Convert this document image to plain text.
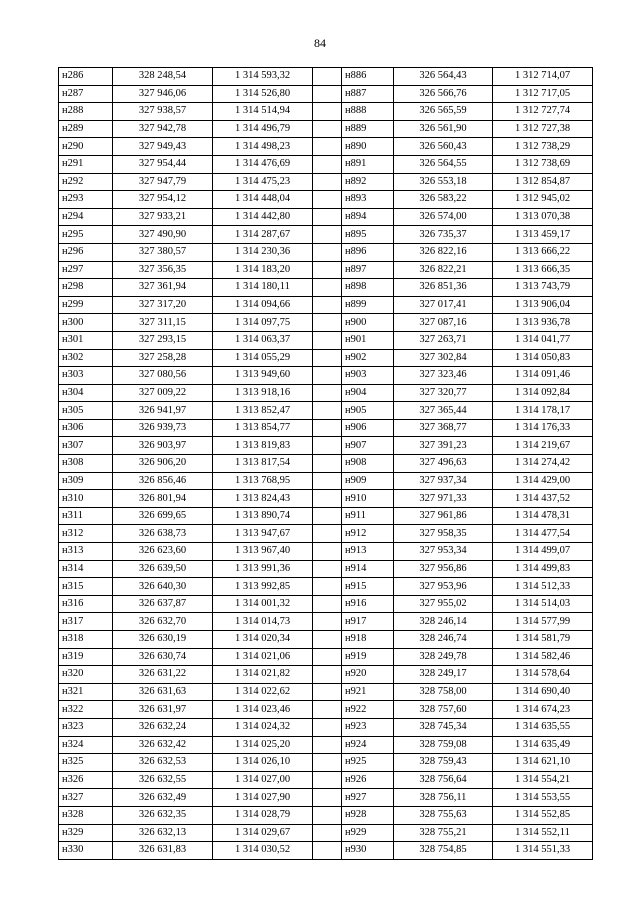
84
н286	328 248,54	1 314 593,32		н886	326 564,43	1 312 714,07
н287	327 946,06	1 314 526,80		н887	326 566,76	1 312 717,05
н288	327 938,57	1 314 514,94		н888	326 565,59	1 312 727,74
н289	327 942,78	1 314 496,79		н889	326 561,90	1 312 727,38
н290	327 949,43	1 314 498,23		н890	326 560,43	1 312 738,29
н291	327 954,44	1 314 476,69		н891	326 564,55	1 312 738,69
н292	327 947,79	1 314 475,23		н892	326 553,18	1 312 854,87
н293	327 954,12	1 314 448,04		н893	326 583,22	1 312 945,02
н294	327 933,21	1 314 442,80		н894	326 574,00	1 313 070,38
н295	327 490,90	1 314 287,67		н895	326 735,37	1 313 459,17
н296	327 380,57	1 314 230,36		н896	326 822,16	1 313 666,22
н297	327 356,35	1 314 183,20		н897	326 822,21	1 313 666,35
н298	327 361,94	1 314 180,11		н898	326 851,36	1 313 743,79
н299	327 317,20	1 314 094,66		н899	327 017,41	1 313 906,04
н300	327 311,15	1 314 097,75		н900	327 087,16	1 313 936,78
н301	327 293,15	1 314 063,37		н901	327 263,71	1 314 041,77
н302	327 258,28	1 314 055,29		н902	327 302,84	1 314 050,83
н303	327 080,56	1 313 949,60		н903	327 323,46	1 314 091,46
н304	327 009,22	1 313 918,16		н904	327 320,77	1 314 092,84
н305	326 941,97	1 313 852,47		н905	327 365,44	1 314 178,17
н306	326 939,73	1 313 854,77		н906	327 368,77	1 314 176,33
н307	326 903,97	1 313 819,83		н907	327 391,23	1 314 219,67
н308	326 906,20	1 313 817,54		н908	327 496,63	1 314 274,42
н309	326 856,46	1 313 768,95		н909	327 937,34	1 314 429,00
н310	326 801,94	1 313 824,43		н910	327 971,33	1 314 437,52
н311	326 699,65	1 313 890,74		н911	327 961,86	1 314 478,31
н312	326 638,73	1 313 947,67		н912	327 958,35	1 314 477,54
н313	326 623,60	1 313 967,40		н913	327 953,34	1 314 499,07
н314	326 639,50	1 313 991,36		н914	327 956,86	1 314 499,83
н315	326 640,30	1 313 992,85		н915	327 953,96	1 314 512,33
н316	326 637,87	1 314 001,32		н916	327 955,02	1 314 514,03
н317	326 632,70	1 314 014,73		н917	328 246,14	1 314 577,99
н318	326 630,19	1 314 020,34		н918	328 246,74	1 314 581,79
н319	326 630,74	1 314 021,06		н919	328 249,78	1 314 582,46
н320	326 631,22	1 314 021,82		н920	328 249,17	1 314 578,64
н321	326 631,63	1 314 022,62		н921	328 758,00	1 314 690,40
н322	326 631,97	1 314 023,46		н922	328 757,60	1 314 674,23
н323	326 632,24	1 314 024,32		н923	328 745,34	1 314 635,55
н324	326 632,42	1 314 025,20		н924	328 759,08	1 314 635,49
н325	326 632,53	1 314 026,10		н925	328 759,43	1 314 621,10
н326	326 632,55	1 314 027,00		н926	328 756,64	1 314 554,21
н327	326 632,49	1 314 027,90		н927	328 756,11	1 314 553,55
н328	326 632,35	1 314 028,79		н928	328 755,63	1 314 552,85
н329	326 632,13	1 314 029,67		н929	328 755,21	1 314 552,11
н330	326 631,83	1 314 030,52		н930	328 754,85	1 314 551,33
